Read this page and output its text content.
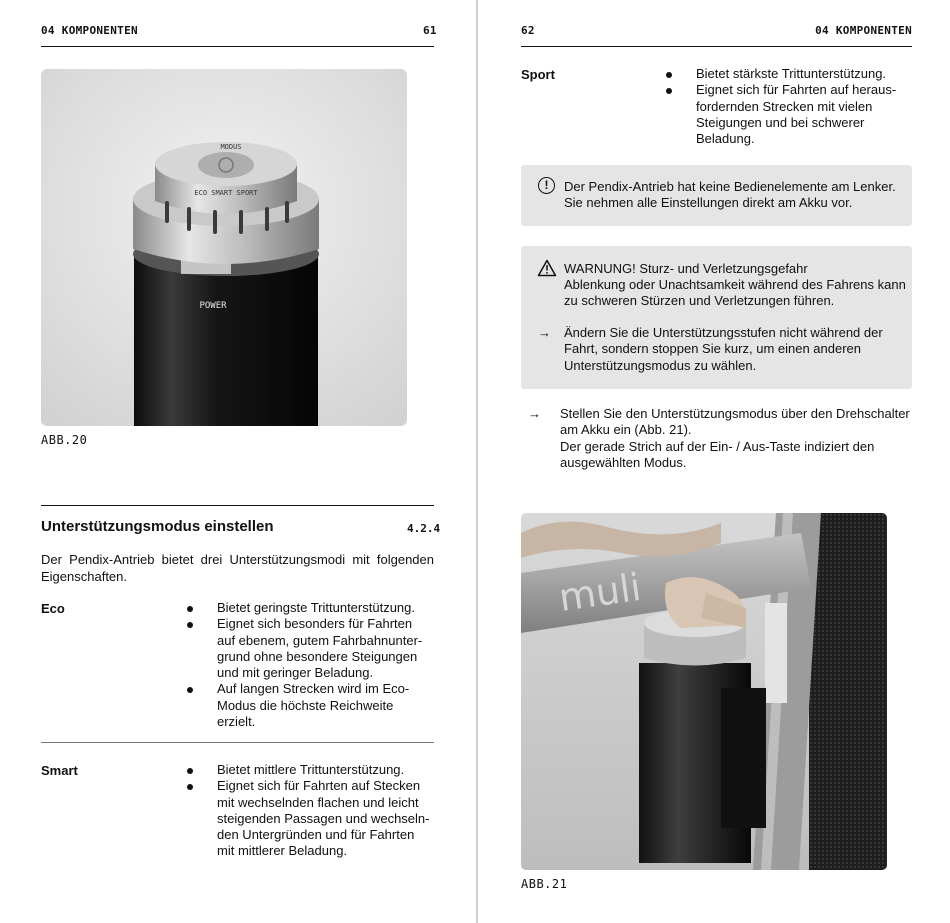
04 KOMPONENTEN	61
MODUS
ECO SMART SPORT
POWER
ABB.20
Unterstützungsmodus einstellen	4.2.4
Der Pendix-Antrieb bietet drei Unterstützungsmodi mit folgenden Eigenschaften.
Eco	Bietet geringste Trittunterstützung.
Eignet sich besonders für Fahrten auf ebenem, gutem Fahrbahnunter-grund ohne besondere Steigungen und mit geringer Beladung.
Auf langen Strecken wird im Eco-Modus die höchste Reichweite erzielt.
Smart	Bietet mittlere Trittunterstützung.
Eignet sich für Fahrten auf Stecken mit wechselnden flachen und leicht steigenden Passagen und wechseln-den Untergründen und für Fahrten mit mittlerer Beladung.
62	04 KOMPONENTEN
Sport	Bietet stärkste Trittunterstützung.
Eignet sich für Fahrten auf heraus-fordernden Strecken mit vielen Steigungen und bei schwerer Beladung.
!	Der Pendix-Antrieb hat keine Bedienelemente am Lenker. Sie nehmen alle Einstellungen direkt am Akku vor.
WARNUNG! Sturz- und Verletzungsgefahr
Ablenkung oder Unachtsamkeit während des Fahrens kann zu schweren Stürzen und Verletzungen führen.
→ Ändern Sie die Unterstützungsstufen nicht während der Fahrt, sondern stoppen Sie kurz, um einen anderen Unterstützungsmodus zu wählen.
→ Stellen Sie den Unterstützungsmodus über den Drehschalter am Akku ein (Abb. 21).
Der gerade Strich auf der Ein- / Aus-Taste indiziert den ausgewählten Modus.
muli
ABB.21
